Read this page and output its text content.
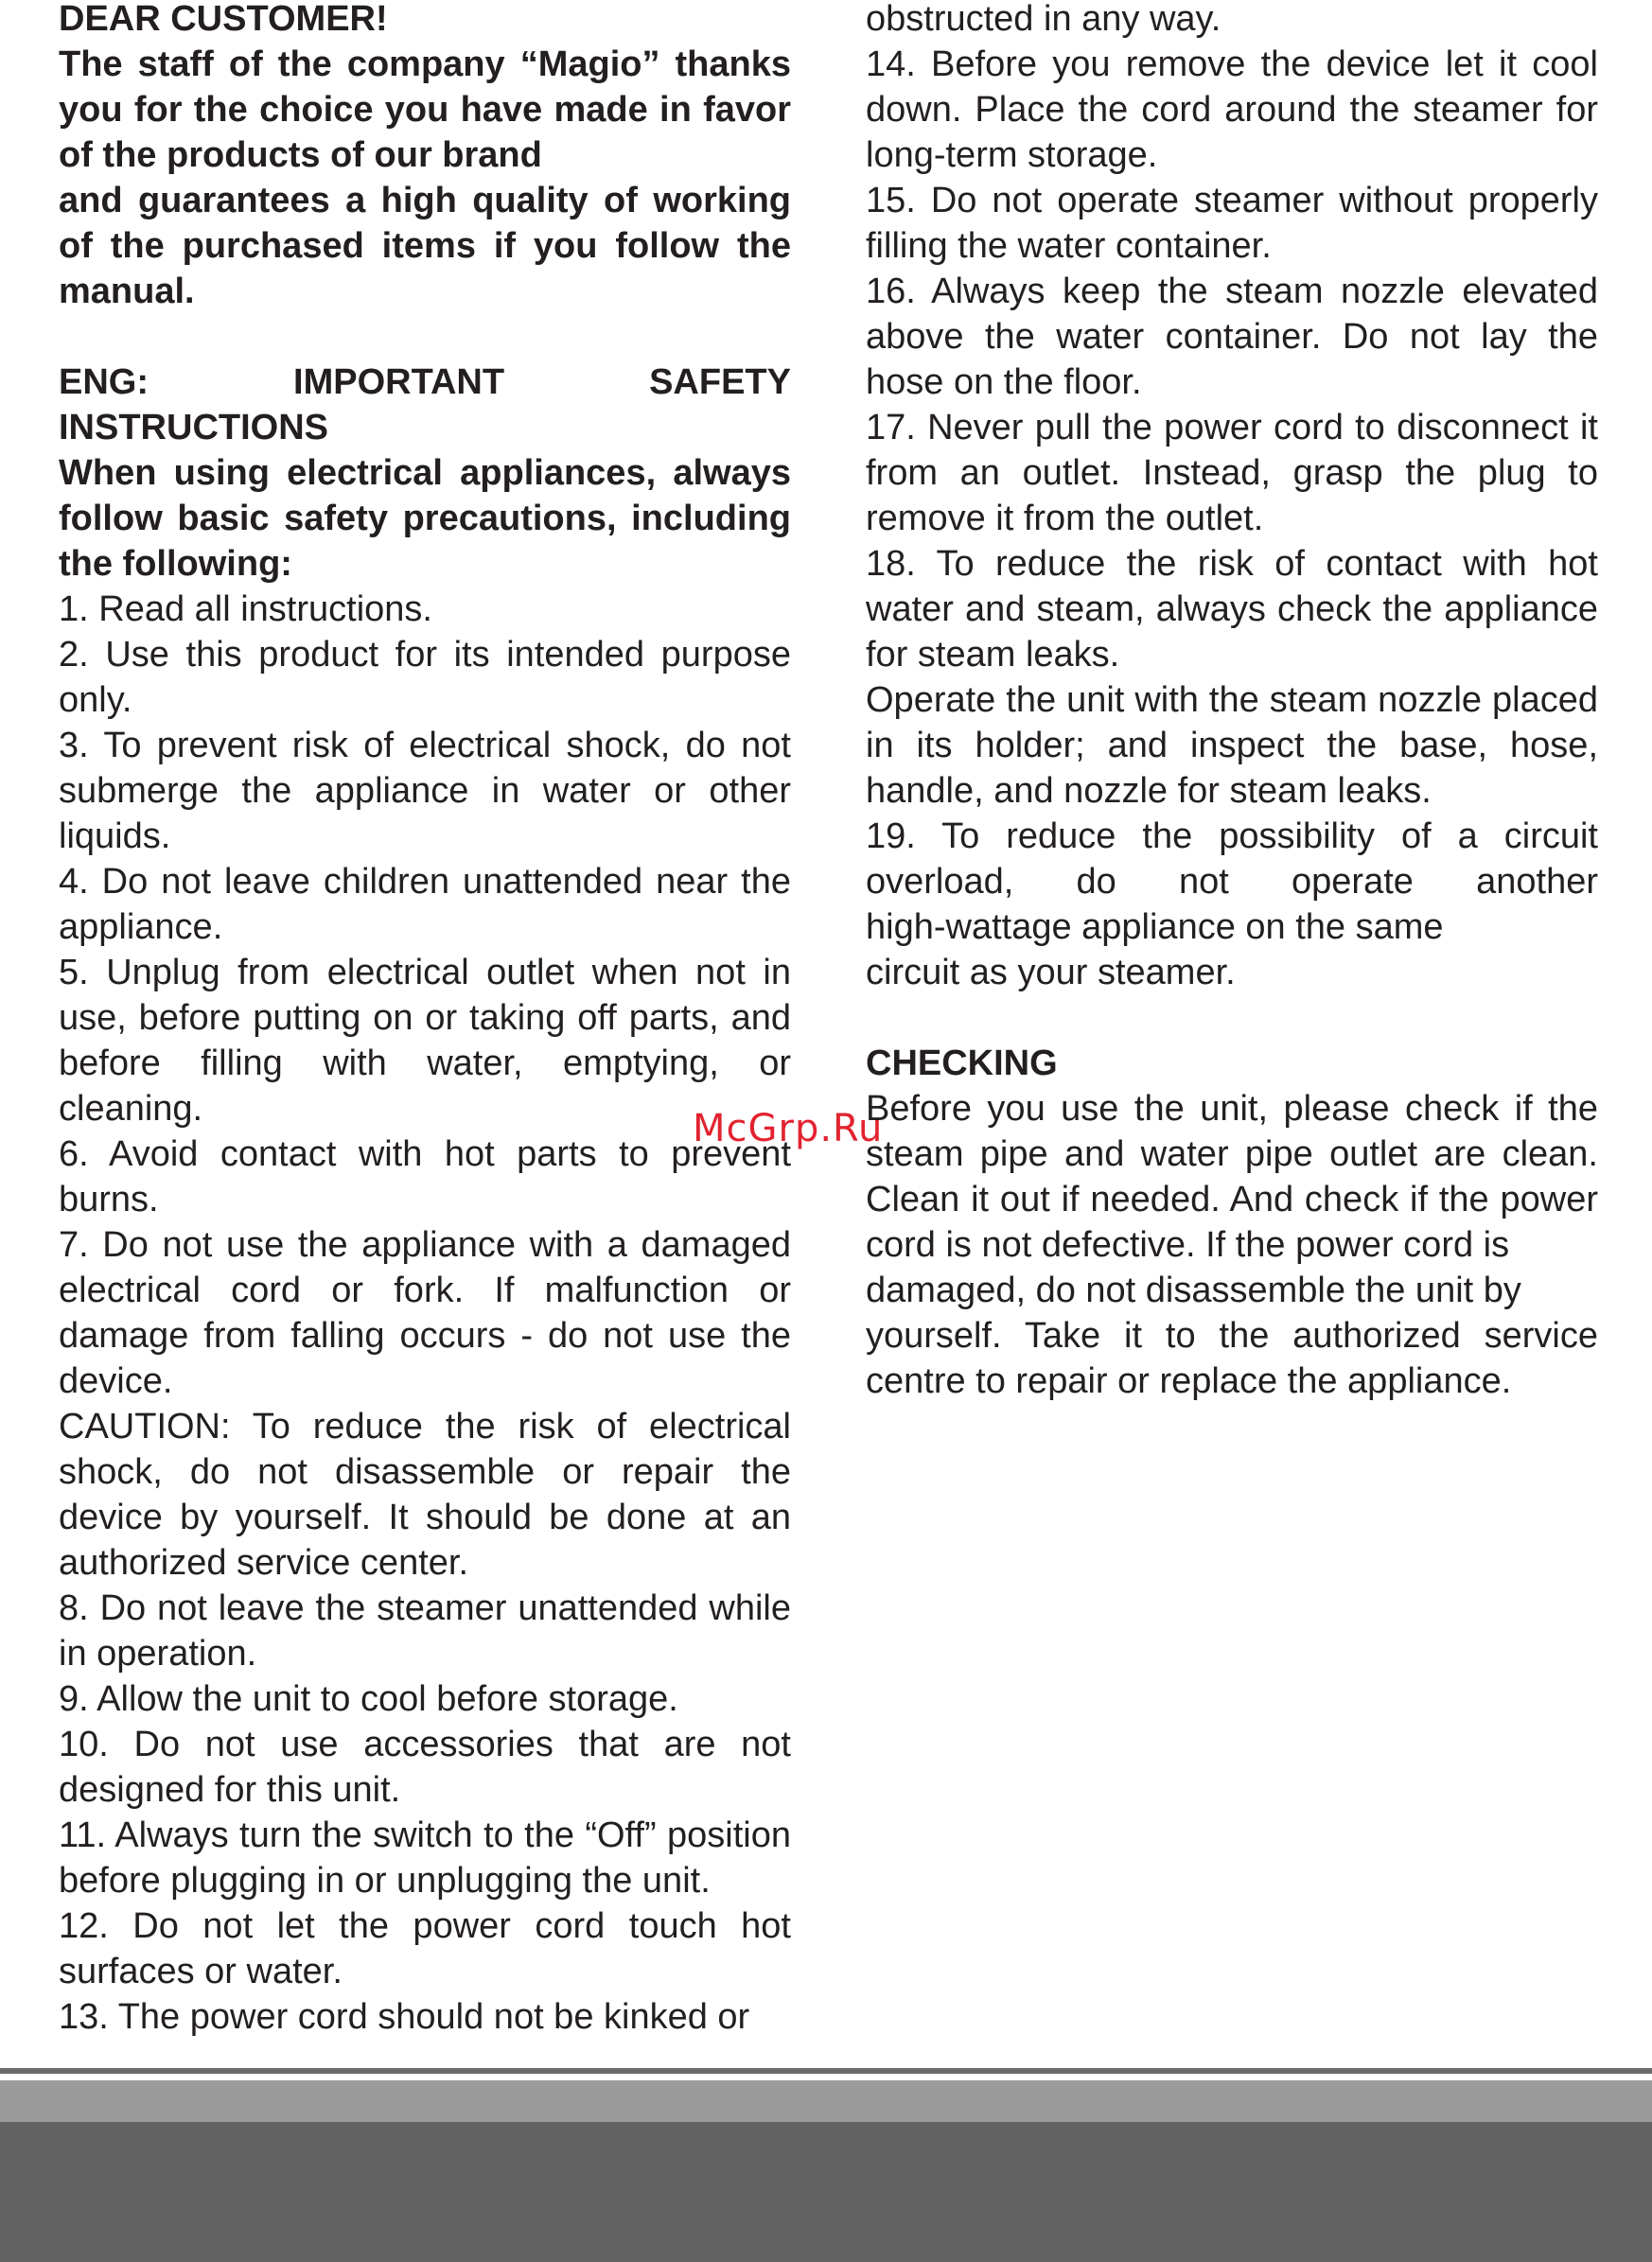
DEAR CUSTOMER!

The staff of the company “Magio” thanks you for the choice you have made in favor of the products of our brand

and guarantees a high quality of working of the purchased items if you follow the manual.

ENG: IMPORTANT SAFETY INSTRUCTIONS

When using electrical appliances, always follow basic safety precautions, including the following:

1. Read all instructions.

2. Use this product for its intended purpose only.

3. To prevent risk of electrical shock, do not submerge the appliance in water or other liquids.

4. Do not leave children unattended near the appliance.

5. Unplug from electrical outlet when not in use, before putting on or taking off parts, and before filling with water, emptying, or cleaning.

6. Avoid contact with hot parts to prevent burns.

7. Do not use the appliance with a damaged electrical cord or fork. If malfunction or damage from falling occurs - do not use the device.

CAUTION: To reduce the risk of electrical shock, do not disassemble or repair the device by yourself. It should be done at an authorized service center.

8. Do not leave the steamer unattended while in operation.

9. Allow the unit to cool before storage.

10. Do not use accessories that are not designed for this unit.

11. Always turn the switch to the “Off” position before plugging in or unplugging the unit.

12. Do not let the power cord touch hot surfaces or water.

13. The power cord should not be kinked or

obstructed in any way.

14. Before you remove the device let it cool down. Place the cord around the steamer for long-term storage.

15. Do not operate steamer without properly filling the water container.

16. Always keep the steam nozzle elevated above the water container. Do not lay the hose on the floor.

17. Never pull the power cord to disconnect it from an outlet. Instead, grasp the plug to remove it from the outlet.

18. To reduce the risk of contact with hot water and steam, always check the appliance for steam leaks.

Operate the unit with the steam nozzle placed in its holder; and inspect the base, hose, handle, and nozzle for steam leaks.

19. To reduce the possibility of a circuit overload, do not operate another

high-wattage appliance on the same

circuit as your steamer.

CHECKING

Before you use the unit, please check if the steam pipe and water pipe outlet are clean. Clean it out if needed. And check if the power cord is not defective. If the power cord is

damaged, do not disassemble the unit by

yourself. Take it to the authorized service centre to repair or replace the appliance.

McGrp.Ru
